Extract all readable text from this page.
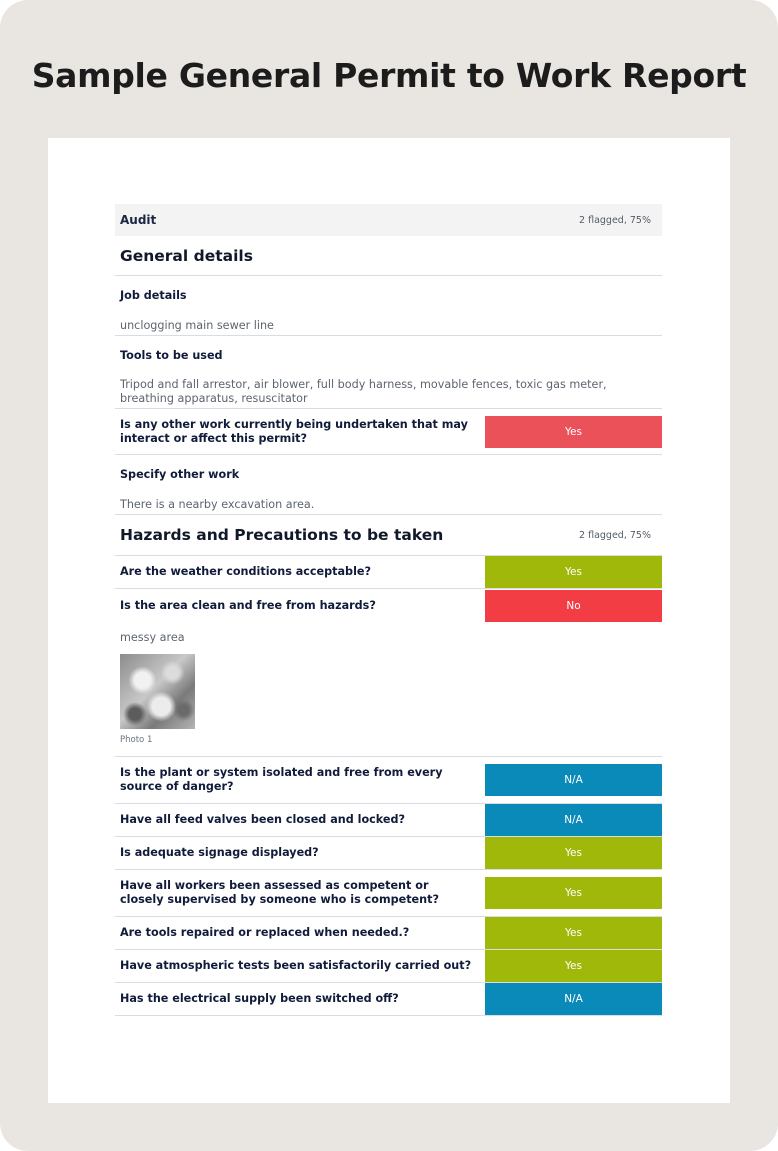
Sample General Permit to Work Report
Audit	2 flagged, 75%
General details
Job details
unclogging main sewer line
Tools to be used
Tripod and fall arrestor, air blower, full body harness, movable fences, toxic gas meter, breathing apparatus, resuscitator
Is any other work currently being undertaken that may interact or affect this permit?	Yes
Specify other work
There is a nearby excavation area.
Hazards and Precautions to be taken	2 flagged, 75%
Are the weather conditions acceptable?	Yes
Is the area clean and free from hazards?	No
messy area
Photo 1
Is the plant or system isolated and free from every source of danger?	N/A
Have all feed valves been closed and locked?	N/A
Is adequate signage displayed?	Yes
Have all workers been assessed as competent or closely supervised by someone who is competent?	Yes
Are tools repaired or replaced when needed.?	Yes
Have atmospheric tests been satisfactorily carried out?	Yes
Has the electrical supply been switched off?	N/A
